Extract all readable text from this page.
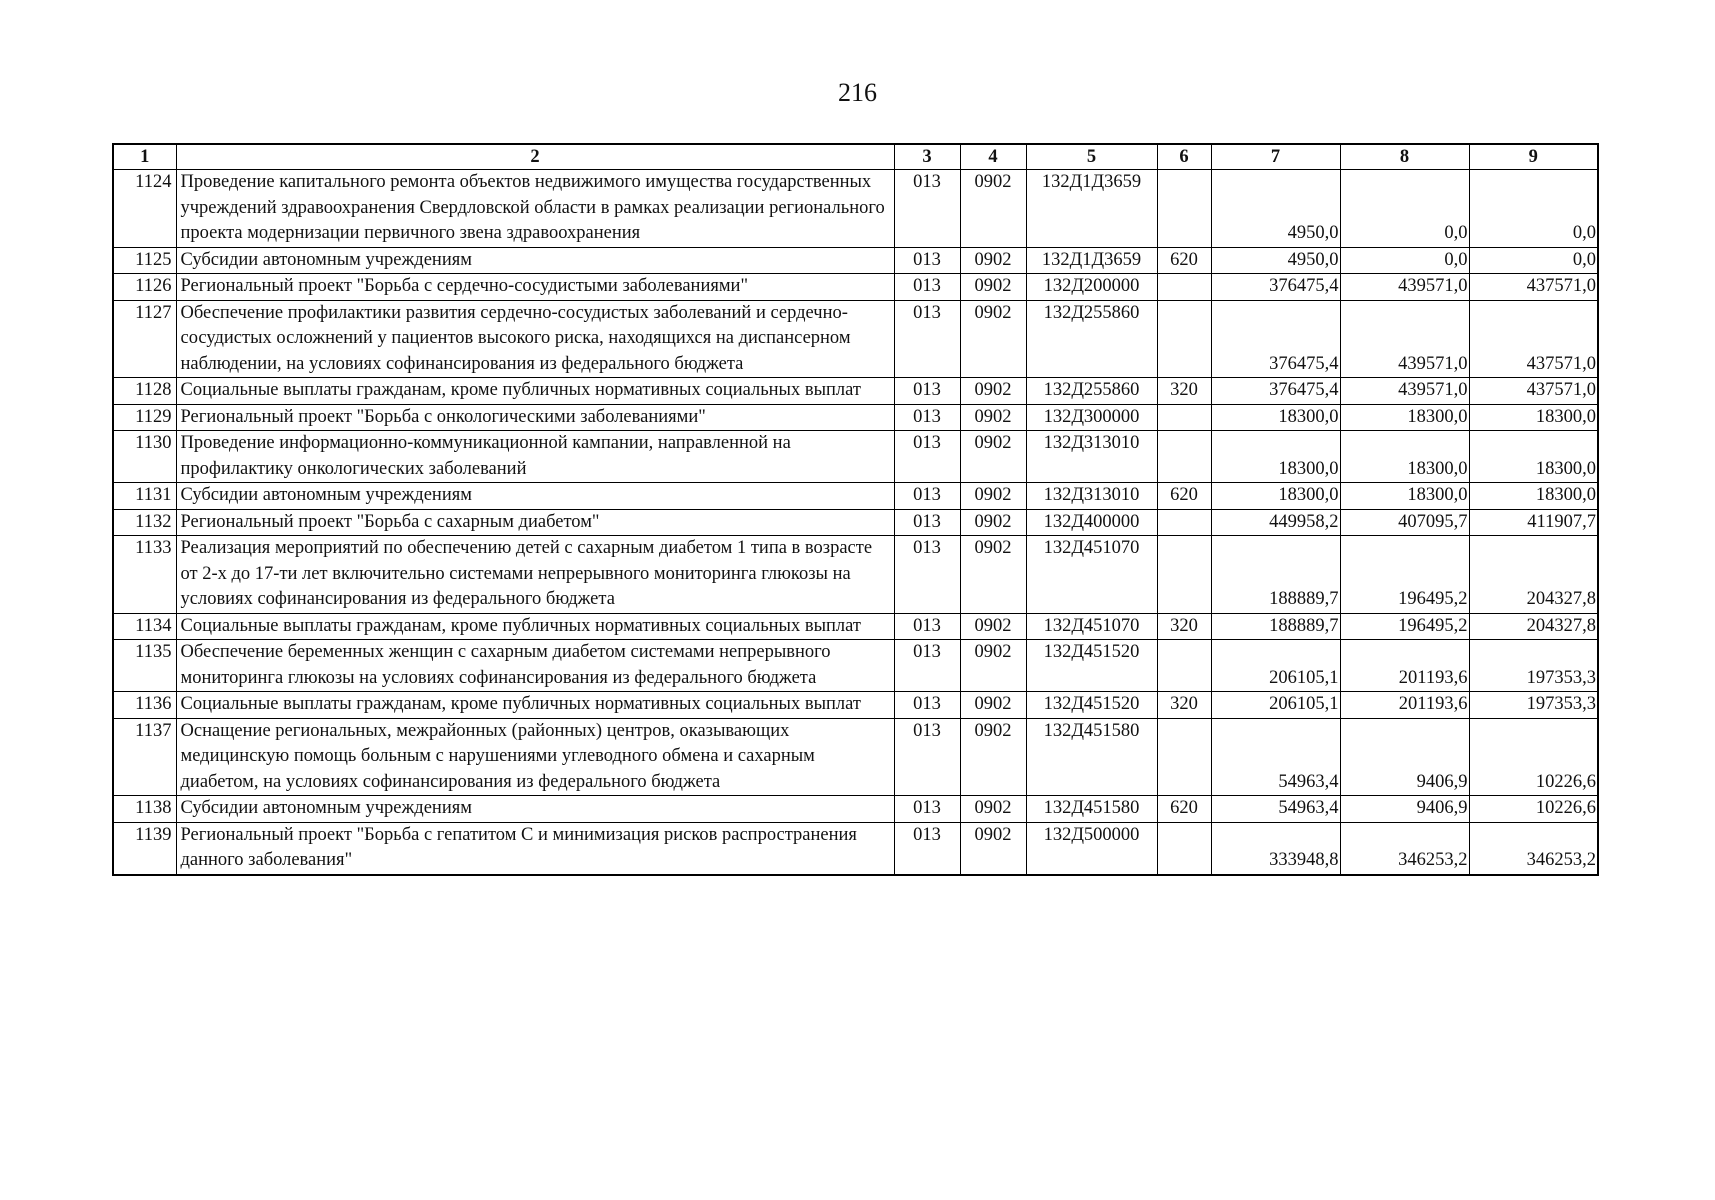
216
1	2	3	4	5	6	7	8	9
1124	Проведение капитального ремонта объектов недвижимого имущества государственных учреждений здравоохранения Свердловской области в рамках реализации регионального проекта модернизации первичного звена здравоохранения	013	0902	132Д1Д3659		4950,0	0,0	0,0
1125	Субсидии автономным учреждениям	013	0902	132Д1Д3659	620	4950,0	0,0	0,0
1126	Региональный проект "Борьба с сердечно-сосудистыми заболеваниями"	013	0902	132Д200000		376475,4	439571,0	437571,0
1127	Обеспечение профилактики развития сердечно-сосудистых заболеваний и сердечно-сосудистых осложнений у пациентов высокого риска, находящихся на диспансерном наблюдении, на условиях софинансирования из федерального бюджета	013	0902	132Д255860		376475,4	439571,0	437571,0
1128	Социальные выплаты гражданам, кроме публичных нормативных социальных выплат	013	0902	132Д255860	320	376475,4	439571,0	437571,0
1129	Региональный проект "Борьба с онкологическими заболеваниями"	013	0902	132Д300000		18300,0	18300,0	18300,0
1130	Проведение информационно-коммуникационной кампании, направленной на профилактику онкологических заболеваний	013	0902	132Д313010		18300,0	18300,0	18300,0
1131	Субсидии автономным учреждениям	013	0902	132Д313010	620	18300,0	18300,0	18300,0
1132	Региональный проект "Борьба с сахарным диабетом"	013	0902	132Д400000		449958,2	407095,7	411907,7
1133	Реализация мероприятий по обеспечению детей с сахарным диабетом 1 типа в возрасте от 2-х до 17-ти лет включительно системами непрерывного мониторинга глюкозы на условиях софинансирования из федерального бюджета	013	0902	132Д451070		188889,7	196495,2	204327,8
1134	Социальные выплаты гражданам, кроме публичных нормативных социальных выплат	013	0902	132Д451070	320	188889,7	196495,2	204327,8
1135	Обеспечение беременных женщин с сахарным диабетом системами непрерывного мониторинга глюкозы на условиях софинансирования из федерального бюджета	013	0902	132Д451520		206105,1	201193,6	197353,3
1136	Социальные выплаты гражданам, кроме публичных нормативных социальных выплат	013	0902	132Д451520	320	206105,1	201193,6	197353,3
1137	Оснащение региональных, межрайонных (районных) центров, оказывающих медицинскую помощь больным с нарушениями углеводного обмена и сахарным диабетом, на условиях софинансирования из федерального бюджета	013	0902	132Д451580		54963,4	9406,9	10226,6
1138	Субсидии автономным учреждениям	013	0902	132Д451580	620	54963,4	9406,9	10226,6
1139	Региональный проект "Борьба с гепатитом С и минимизация рисков распространения данного заболевания"	013	0902	132Д500000		333948,8	346253,2	346253,2
